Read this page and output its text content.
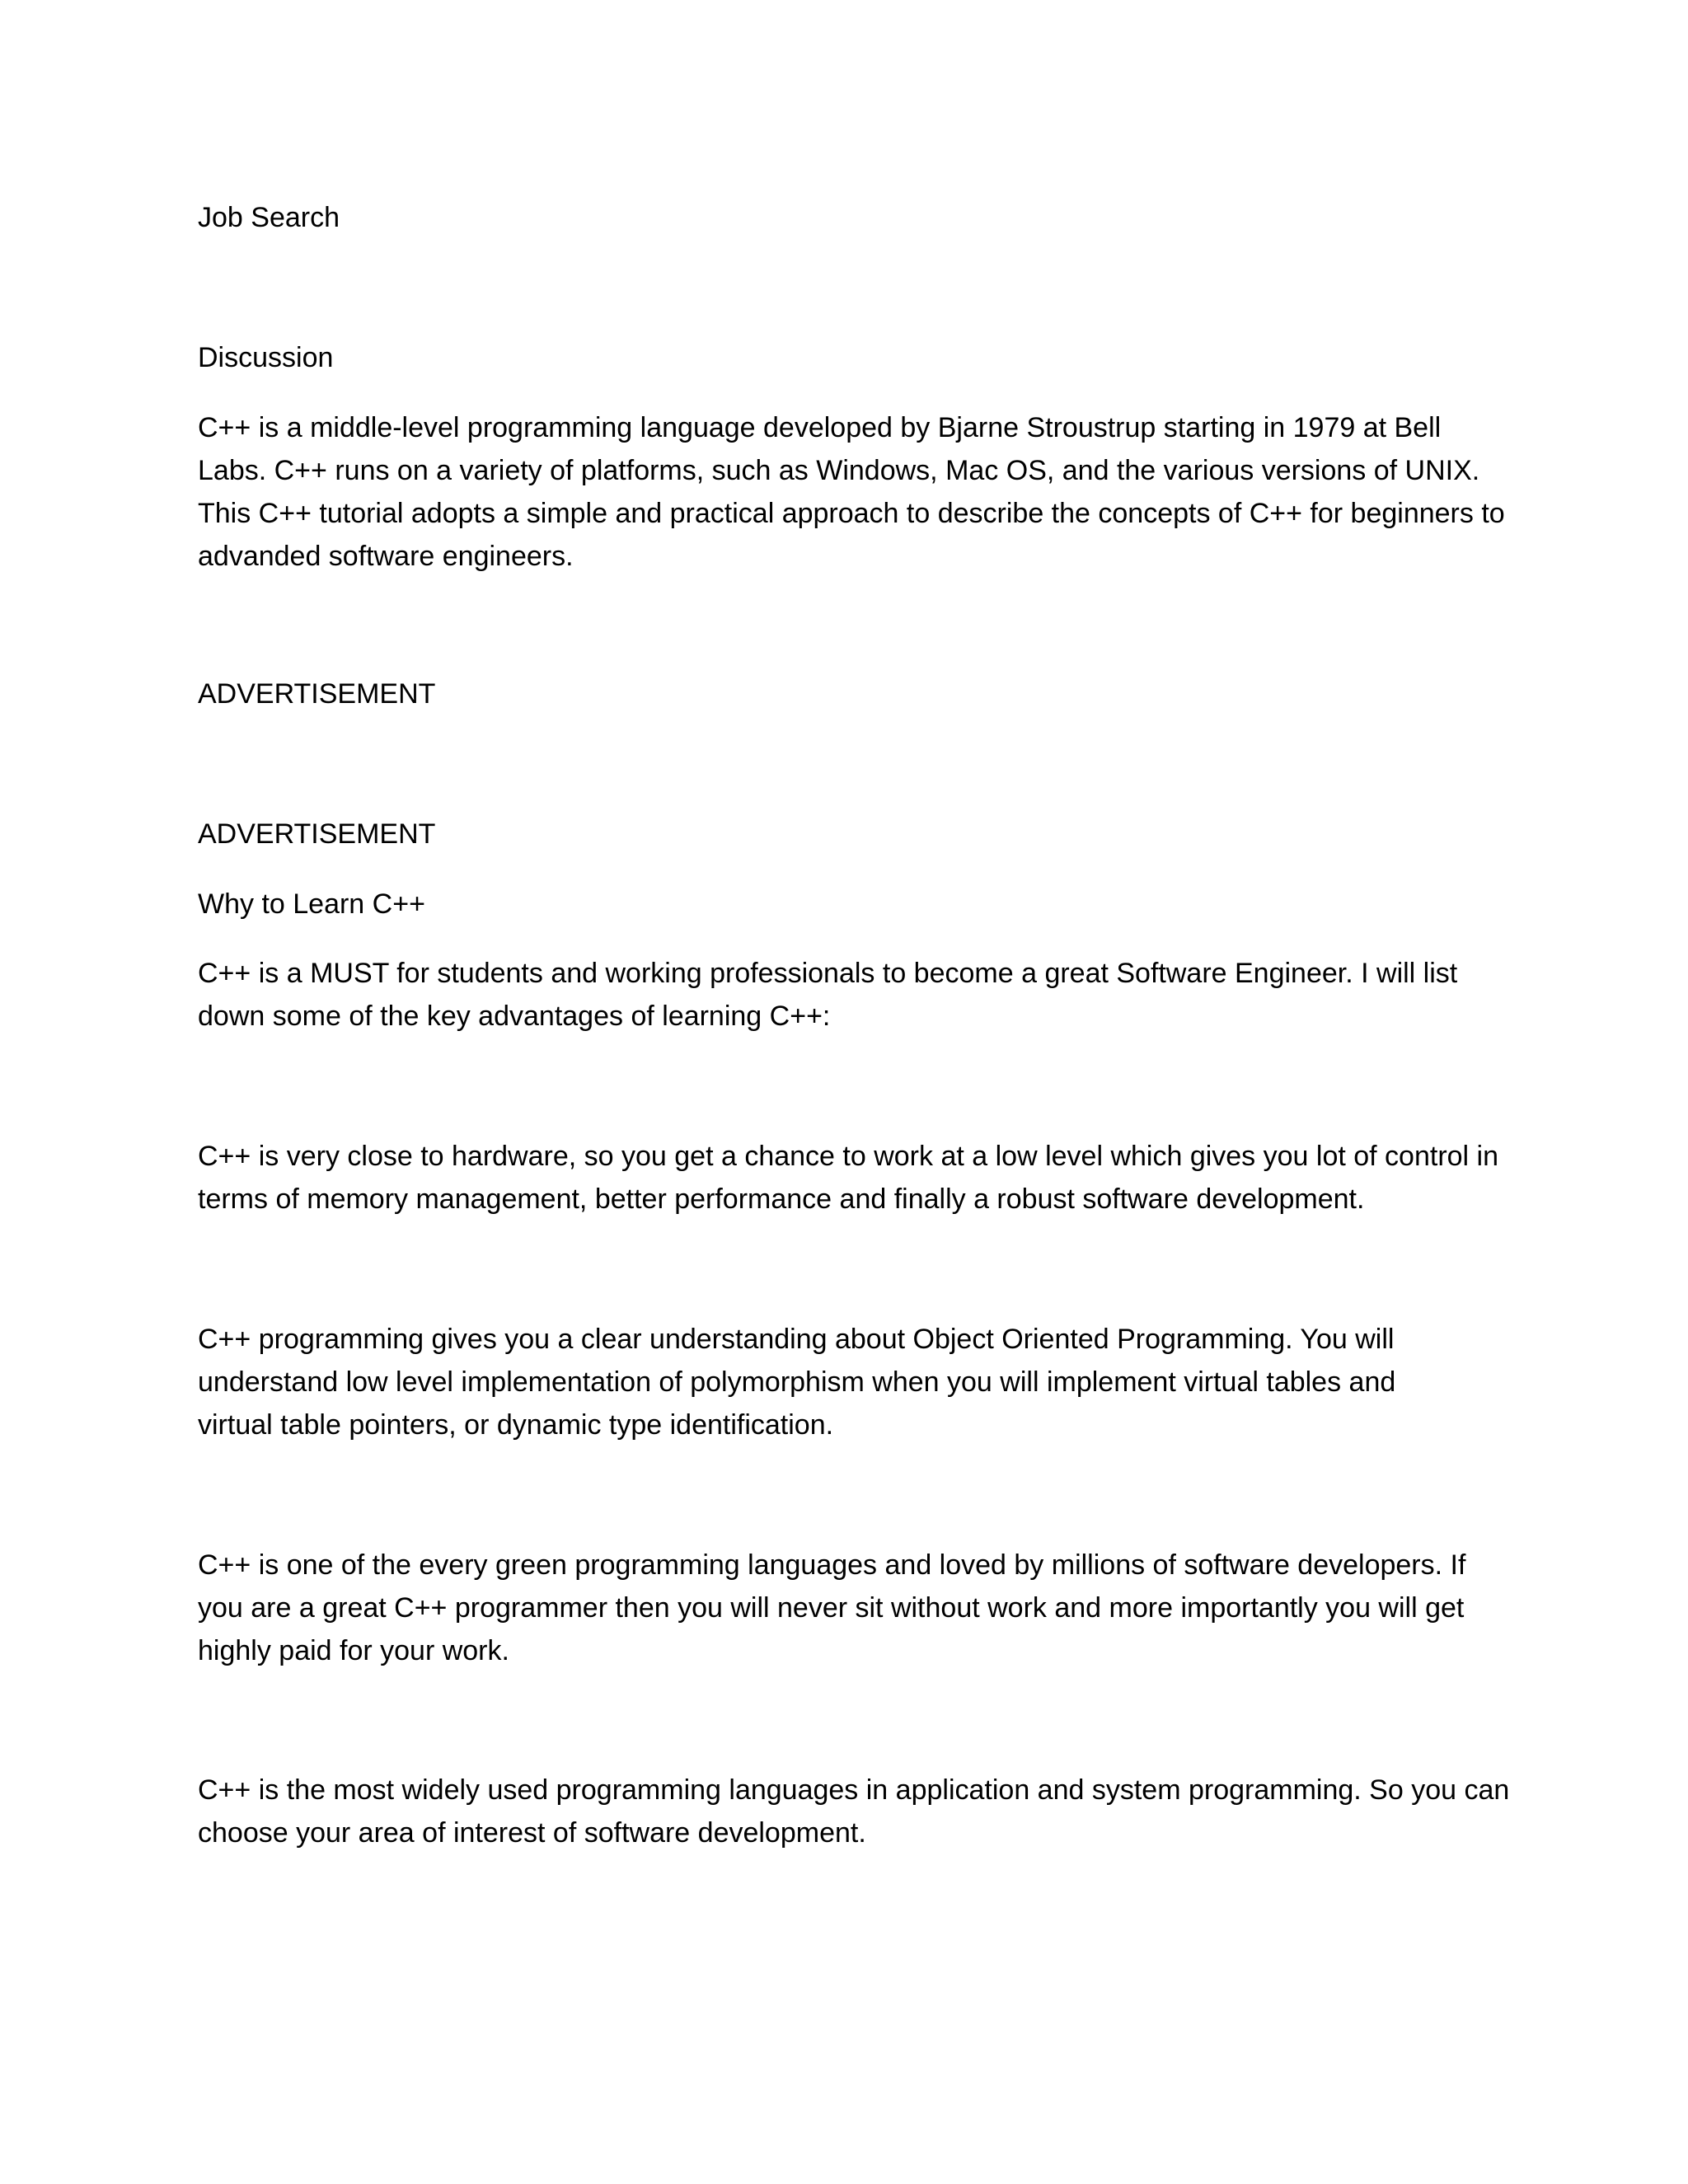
Job Search

Discussion

C++ is a middle-level programming language developed by Bjarne Stroustrup starting in 1979 at Bell
Labs. C++ runs on a variety of platforms, such as Windows, Mac OS, and the various versions of UNIX.
This C++ tutorial adopts a simple and practical approach to describe the concepts of C++ for beginners to
advanded software engineers.

ADVERTISEMENT

ADVERTISEMENT

Why to Learn C++

C++ is a MUST for students and working professionals to become a great Software Engineer. I will list
down some of the key advantages of learning C++:

C++ is very close to hardware, so you get a chance to work at a low level which gives you lot of control in
terms of memory management, better performance and finally a robust software development.

C++ programming gives you a clear understanding about Object Oriented Programming. You will
understand low level implementation of polymorphism when you will implement virtual tables and
virtual table pointers, or dynamic type identification.

C++ is one of the every green programming languages and loved by millions of software developers. If
you are a great C++ programmer then you will never sit without work and more importantly you will get
highly paid for your work.

C++ is the most widely used programming languages in application and system programming. So you can
choose your area of interest of software development.
